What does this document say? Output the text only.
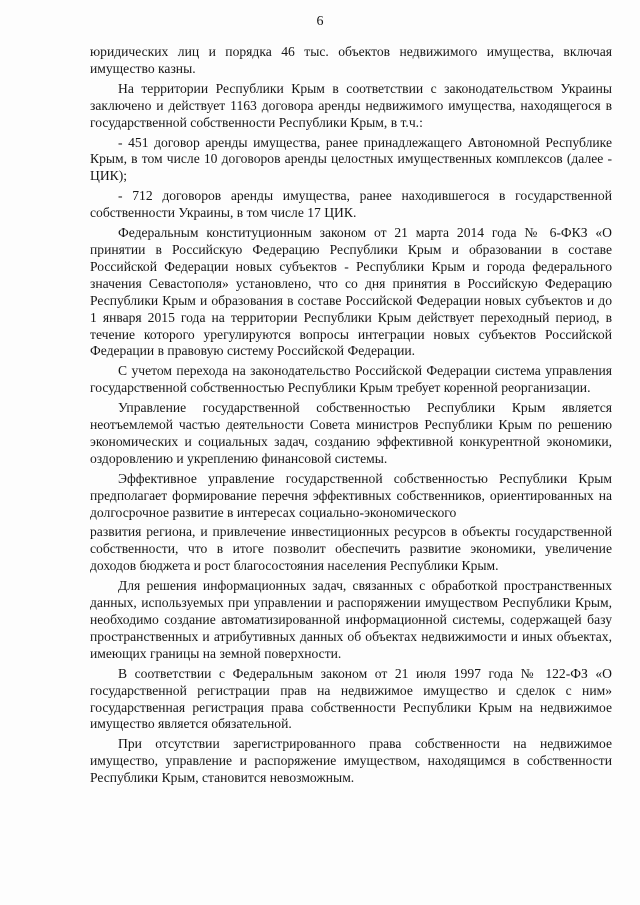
6

юридических лиц и порядка 46 тыс. объектов недвижимого имущества, включая имущество казны.

На территории Республики Крым в соответствии с законодательством Украины заключено и действует 1163 договора аренды недвижимого имущества, находящегося в государственной собственности Республики Крым, в т.ч.:

- 451 договор аренды имущества, ранее принадлежащего Автономной Республике Крым, в том числе 10 договоров аренды целостных имущественных комплексов (далее - ЦИК);

- 712 договоров аренды имущества, ранее находившегося в государственной собственности Украины, в том числе 17 ЦИК.

Федеральным конституционным законом от 21 марта 2014 года № 6-ФКЗ «О принятии в Российскую Федерацию Республики Крым и образовании в составе Российской Федерации новых субъектов - Республики Крым и города федерального значения Севастополя» установлено, что со дня принятия в Российскую Федерацию Республики Крым и образования в составе Российской Федерации новых субъектов и до 1 января 2015 года на территории Республики Крым действует переходный период, в течение которого урегулируются вопросы интеграции новых субъектов Российской Федерации в правовую систему Российской Федерации.

С учетом перехода на законодательство Российской Федерации система управления государственной собственностью Республики Крым требует коренной реорганизации.

Управление государственной собственностью Республики Крым является неотъемлемой частью деятельности Совета министров Республики Крым по решению экономических и социальных задач, созданию эффективной конкурентной экономики, оздоровлению и укреплению финансовой системы.

Эффективное управление государственной собственностью Республики Крым предполагает формирование перечня эффективных собственников, ориентированных на долгосрочное развитие в интересах социально-экономического

развития региона, и привлечение инвестиционных ресурсов в объекты государственной собственности, что в итоге позволит обеспечить развитие экономики, увеличение доходов бюджета и рост благосостояния населения Республики Крым.

Для решения информационных задач, связанных с обработкой пространственных данных, используемых при управлении и распоряжении имуществом Республики Крым, необходимо создание автоматизированной информационной системы, содержащей базу пространственных и атрибутивных данных об объектах недвижимости и иных объектах, имеющих границы на земной поверхности.

В соответствии с Федеральным законом от 21 июля 1997 года № 122-ФЗ «О государственной регистрации прав на недвижимое имущество и сделок с ним» государственная регистрация права собственности Республики Крым на недвижимое имущество является обязательной.

При отсутствии зарегистрированного права собственности на недвижимое имущество, управление и распоряжение имуществом, находящимся в собственности Республики Крым, становится невозможным.
